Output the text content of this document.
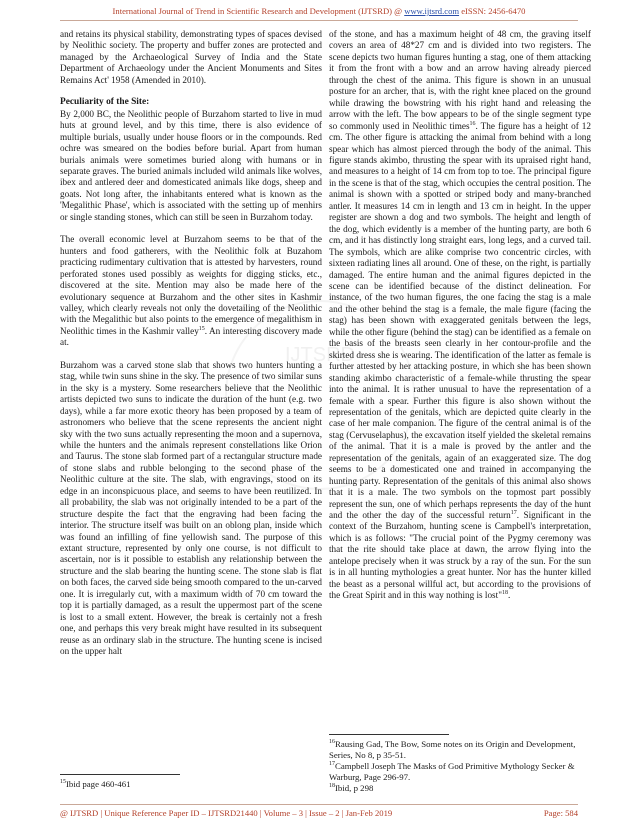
International Journal of Trend in Scientific Research and Development (IJTSRD) @ www.ijtsrd.com eISSN: 2456-6470
IJTSRD

and retains its physical stability, demonstrating types of spaces devised by Neolithic society. The property and buffer zones are protected and managed by the Archaeological Survey of India and the State Department of Archaeology under the Ancient Monuments and Sites Remains Act' 1958 (Amended in 2010).

Peculiarity of the Site:

By 2,000 BC, the Neolithic people of Burzahom started to live in mud huts at ground level, and by this time, there is also evidence of multiple burials, usually under house floors or in the compounds. Red ochre was smeared on the bodies before burial. Apart from human burials animals were sometimes buried along with humans or in separate graves. The buried animals included wild animals like wolves, ibex and antlered deer and domesticated animals like dogs, sheep and goats. Not long after, the inhabitants entered what is known as the 'Megalithic Phase', which is associated with the setting up of menhirs or single standing stones, which can still be seen in Burzahom today.

The overall economic level at Burzahom seems to be that of the hunters and food gatherers, with the Neolithic folk at Buzahom practicing rudimentary cultivation that is attested by harvesters, round perforated stones used possibly as weights for digging sticks, etc., discovered at the site. Mention may also be made here of the evolutionary sequence at Burzahom and the other sites in Kashmir valley, which clearly reveals not only the dovetailing of the Neolithic with the Megalithic but also points to the emergence of megalithism in Neolithic times in the Kashmir valley$^{15}$. An interesting discovery made at.

Burzahom was a carved stone slab that shows two hunters hunting a stag, while twin suns shine in the sky. The presence of two similar suns in the sky is a mystery. Some researchers believe that the Neolithic artists depicted two suns to indicate the duration of the hunt (e.g. two days), while a far more exotic theory has been proposed by a team of astronomers who believe that the scene represents the ancient night sky with the two suns actually representing the moon and a supernova, while the hunters and the animals represent constellations like Orion and Taurus. The stone slab formed part of a rectangular structure made of stone slabs and rubble belonging to the second phase of the Neolithic culture at the site. The slab, with engravings, stood on its edge in an inconspicuous place, and seems to have been reutilized. In all probability, the slab was not originally intended to be a part of the structure despite the fact that the engraving had been facing the interior. The structure itself was built on an oblong plan, inside which was found an infilling of fine yellowish sand. The purpose of this extant structure, represented by only one course, is not difficult to ascertain, nor is it possible to establish any relationship between the structure and the slab bearing the hunting scene. The stone slab is flat on both faces, the carved side being smooth compared to the un-carved one. It is irregularly cut, with a maximum width of 70 cm toward the top it is partially damaged, as a result the uppermost part of the scene is lost to a small extent. However, the break is certainly not a fresh one, and perhaps this very break might have resulted in its subsequent reuse as an ordinary slab in the structure. The hunting scene is incised on the upper halt

$^{15}$Ibid page 460-461

of the stone, and has a maximum height of 48 cm, the graving itself covers an area of 48*27 cm and is divided into two registers. The scene depicts two human figures hunting a stag, one of them attacking it from the front with a bow and an arrow having already pierced through the chest of the anima. This figure is shown in an unusual posture for an archer, that is, with the right knee placed on the ground while drawing the bowstring with his right hand and releasing the arrow with the left. The bow appears to be of the single segment type so commonly used in Neolithic times$^{16}$. The figure has a height of 12 cm. The other figure is attacking the animal from behind with a long spear which has almost pierced through the body of the animal. This figure stands akimbo, thrusting the spear with its upraised right hand, and measures to a height of 14 cm from top to toe. The principal figure in the scene is that of the stag, which occupies the central position. The animal is shown with a spotted or striped body and many-branched antler. It measures 14 cm in length and 13 cm in height. In the upper register are shown a dog and two symbols. The height and length of the dog, which evidently is a member of the hunting party, are both 6 cm, and it has distinctly long straight ears, long legs, and a curved tail. The symbols, which are alike comprise two concentric circles, with sixteen radiating lines all around. One of these, on the right, is partially damaged. The entire human and the animal figures depicted in the scene can be identified because of the distinct delineation. For instance, of the two human figures, the one facing the stag is a male and the other behind the stag is a female, the male figure (facing the stag) has been shown with exaggerated genitals between the legs, while the other figure (behind the stag) can be identified as a female on the basis of the breasts seen clearly in her contour-profile and the skirted dress she is wearing. The identification of the latter as female is further attested by her attacking posture, in which she has been shown standing akimbo characteristic of a female-while thrusting the spear into the animal. It is rather unusual to have the representation of a female with a spear. Further this figure is also shown without the representation of the genitals, which are depicted quite clearly in the case of her male companion. The figure of the central animal is of the stag (Cervuselaphus), the excavation itself yielded the skeletal remains of the animal. That it is a male is proved by the antler and the representation of the genitals, again of an exaggerated size. The dog seems to be a domesticated one and trained in accompanying the hunting party. Representation of the genitals of this animal also shows that it is a male. The two symbols on the topmost part possibly represent the sun, one of which perhaps represents the day of the hunt and the other the day of the successful return$^{17}$. Significant in the context of the Burzahom, hunting scene is Campbell's interpretation, which is as follows: "The crucial point of the Pygmy ceremony was that the rite should take place at dawn, the arrow flying into the antelope precisely when it was struck by a ray of the sun. For the sun is in all hunting mythologies a great hunter. Nor has the hunter killed the beast as a personal willful act, but according to the provisions of the Great Spirit and in this way nothing is lost"$^{18}$.

$^{16}$Rausing Gad, The Bow, Some notes on its Origin and Development, Series, No 8, p 35-51.
$^{17}$Campbell Joseph The Masks of God Primitive Mythology Secker & Warburg, Page 296-97.
$^{18}$Ibid, p 298
@ IJTSRD | Unique Reference Paper ID – IJTSRD21440 | Volume – 3 | Issue – 2 | Jan-Feb 2019	Page: 584
